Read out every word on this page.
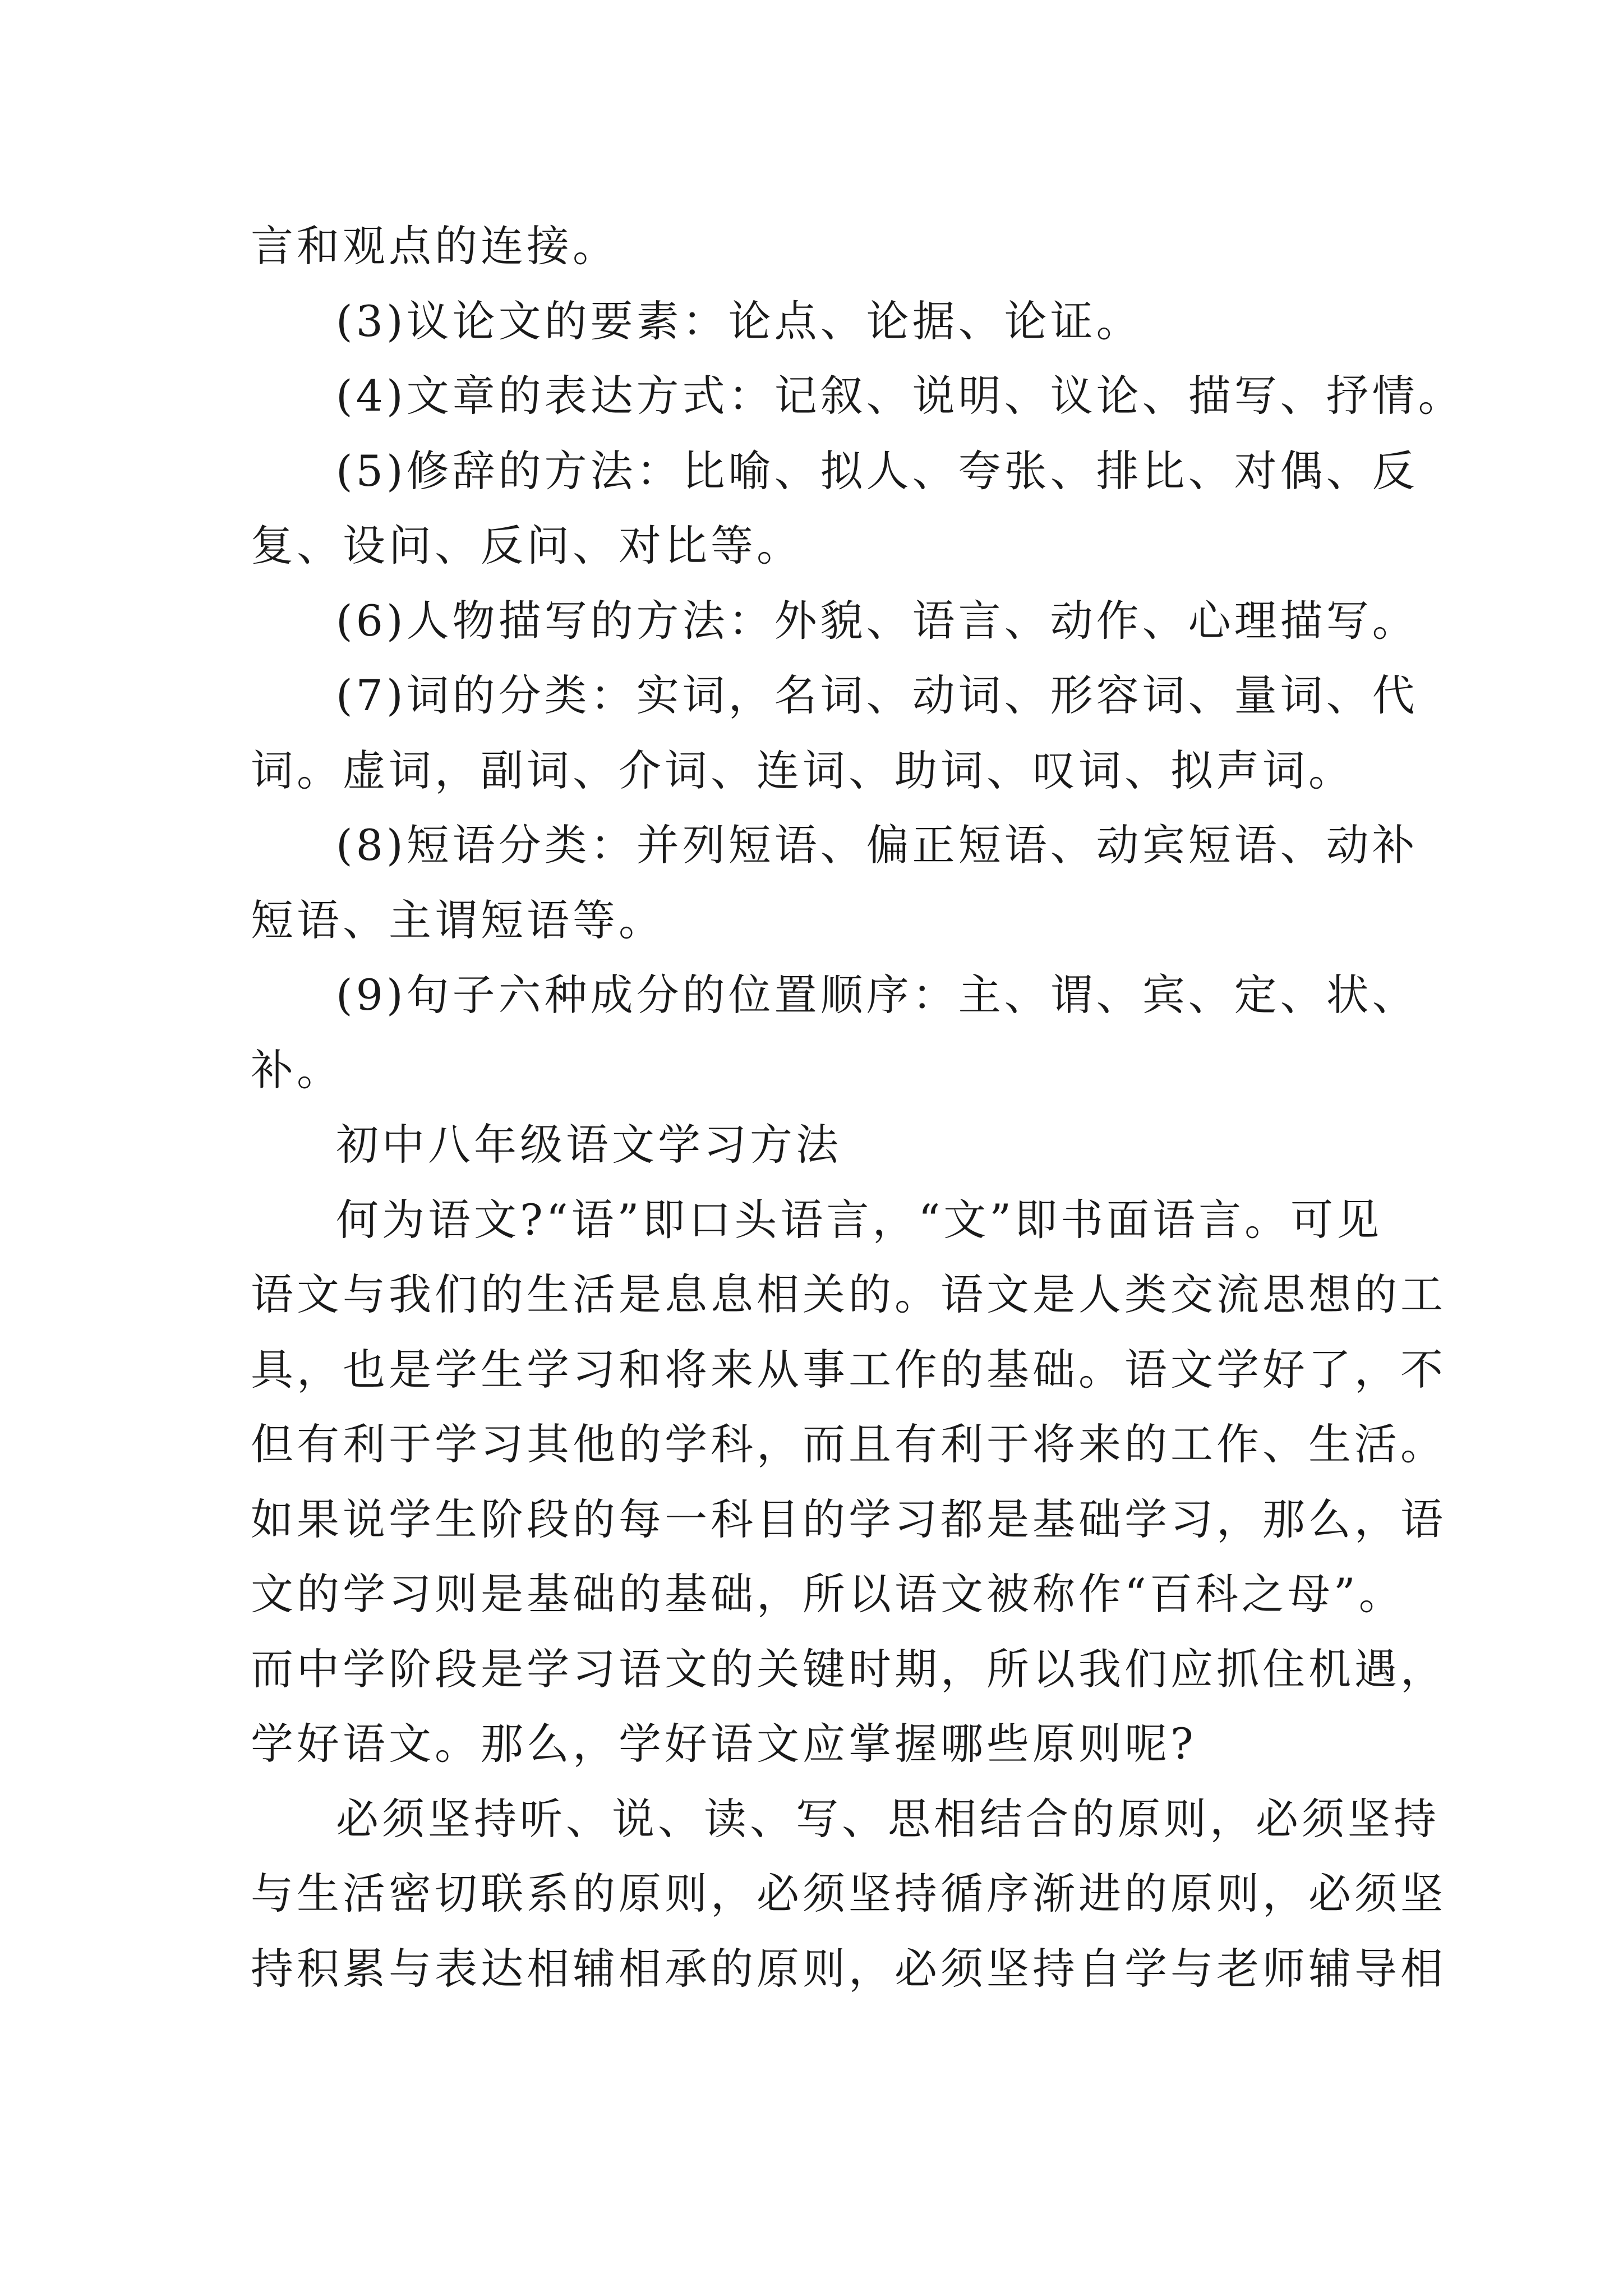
言和观点的连接。
(3)议论文的要素：论点、论据、论证。
(4)文章的表达方式：记叙、说明、议论、描写、抒情。
(5)修辞的方法：比喻、拟人、夸张、排比、对偶、反
复、设问、反问、对比等。
(6)人物描写的方法：外貌、语言、动作、心理描写。
(7)词的分类：实词，名词、动词、形容词、量词、代
词。虚词，副词、介词、连词、助词、叹词、拟声词。
(8)短语分类：并列短语、偏正短语、动宾短语、动补
短语、主谓短语等。
(9)句子六种成分的位置顺序：主、谓、宾、定、状、
补。
初中八年级语文学习方法
何为语文?“语”即口头语言，“文”即书面语言。可见
语文与我们的生活是息息相关的。语文是人类交流思想的工
具，也是学生学习和将来从事工作的基础。语文学好了，不
但有利于学习其他的学科，而且有利于将来的工作、生活。
如果说学生阶段的每一科目的学习都是基础学习，那么，语
文的学习则是基础的基础，所以语文被称作“百科之母”。
而中学阶段是学习语文的关键时期，所以我们应抓住机遇，
学好语文。那么，学好语文应掌握哪些原则呢?
必须坚持听、说、读、写、思相结合的原则，必须坚持
与生活密切联系的原则，必须坚持循序渐进的原则，必须坚
持积累与表达相辅相承的原则，必须坚持自学与老师辅导相
